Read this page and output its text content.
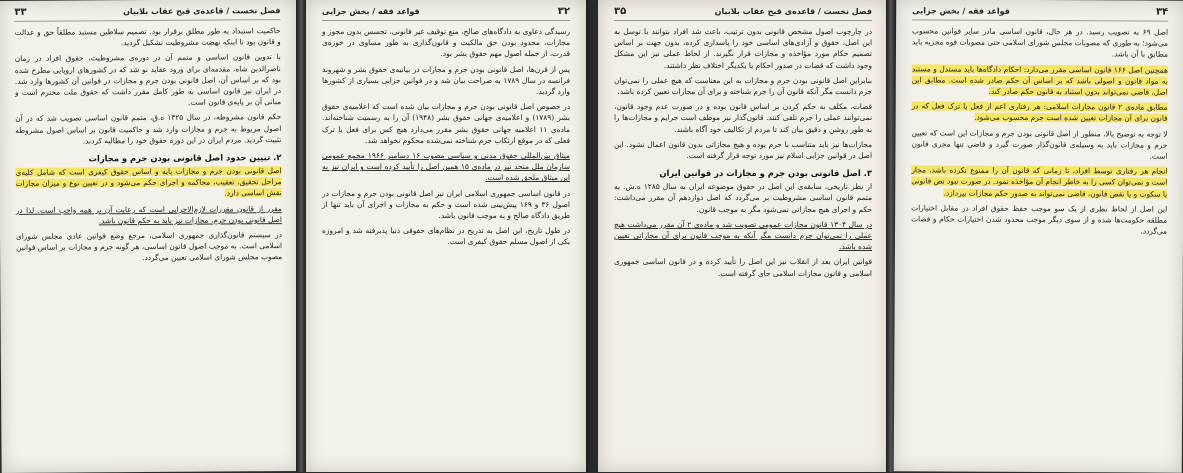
فصل نخست / قاعده‌ی قبح عقاب بلابیان
۳۳

حاکمیت استبداد به طور مطلق برقرار بود. تصمیم سلاطین مستبد مطلقاً حق و عدالت و قانون بود تا اینکه نهضت مشروطیت تشکیل گردید.

با تدوین قانون اساسی و متمم آن در دوره‌ی مشروطیت، حقوق افراد در زمان ناصرالدین شاه، مقدمه‌ای برای ورود عقاید نو شد که در کشورهای اروپایی مطرح شده بود که بر اساس آن، اصل قانونی بودن جرم و مجازات در قوانین آن کشورها وارد شد. در ایران نیز قانون اساسی به طور کامل مقرر داشت که حقوق ملت محترم است و مبانی آن بر پایه‌ی قانون است.

حکم قانون مشروطه، در سال ۱۳۲۵ ه.ق، متمم قانون اساسی تصویب شد که در آن اصول مربوط به جرم و مجازات وارد شد و حاکمیت قانون بر اساس اصول مشروطه تثبیت گردید. مردم ایران در این دوره حقوق خود را مطالبه کردند.

۲. تبیین حدود اصل قانونی بودن جرم و مجازات

اصل قانونی بودن جرم و مجازات پایه و اساس حقوق کیفری است که شامل کلیه‌ی مراحل تحقیق، تعقیب، محاکمه و اجرای حکم می‌شود و در تعیین نوع و میزان مجازات نقش اساسی دارد.

مقرر از قانون مقررات لازم‌الاجرایی است که رعایت آن بر همه واجب است. لذا در اصل قانونی بودن جرم، مجازات نیز باید به حکم قانون باشد.

در سیستم قانون‌گذاری جمهوری اسلامی، مرجع وضع قوانین عادی مجلس شورای اسلامی است. به موجب اصول قانون اساسی، هر گونه جرم و مجازات بر اساس قوانین مصوب مجلس شورای اسلامی تعیین می‌گردد.

۳۲
قواعد فقه / بخش جزایی

رسیدگی دعاوی به دادگاه‌های صالح، منع توقیف غیر قانونی، تجسس بدون مجوز و مجازات، محدود بودن حق مالکیت و قانون‌گذاری به طور مساوی در حوزه‌ی قدرت، از جمله اصول مهم حقوق بشر بود.

پس از قرن‌ها، اصل قانونی بودن جرم و مجازات در بیانیه‌ی حقوق بشر و شهروند فرانسه در سال ۱۷۸۹ به صراحت بیان شد و در قوانین جزایی بسیاری از کشورها وارد گردید.

در خصوص اصل قانونی بودن جرم و مجازات بیان شده است که اعلامیه‌ی حقوق بشر (۱۷۸۹) و اعلامیه‌ی جهانی حقوق بشر (۱۹۴۸) آن را به رسمیت شناخته‌اند. ماده‌ی ۱۱ اعلامیه جهانی حقوق بشر مقرر می‌دارد هیچ کس برای فعل یا ترک فعلی که در موقع ارتکاب جرم شناخته نمی‌شده محکوم نخواهد شد.

میثاق بین‌المللی حقوق مدنی و سیاسی مصوب ۱۶ دسامبر ۱۹۶۶ مجمع عمومی سازمان ملل متحد نیز در ماده‌ی ۱۵ همین اصل را تأیید کرده است و ایران نیز به این میثاق ملحق شده است.

در قانون اساسی جمهوری اسلامی ایران نیز اصل قانونی بودن جرم و مجازات در اصول ۳۶ و ۱۶۹ پیش‌بینی شده است و حکم به مجازات و اجرای آن باید تنها از طریق دادگاه صالح و به موجب قانون باشد.

در طول تاریخ، این اصل به تدریج در نظام‌های حقوقی دنیا پذیرفته شد و امروزه یکی از اصول مسلم حقوق کیفری است.

فصل نخست / قاعده‌ی قبح عقاب بلابیان
۳۵

در چارچوب اصول مشخص قانونی بدون ترتیب، باعث شد افراد بتوانند با توسل به این اصل، حقوق و آزادی‌های اساسی خود را پاسداری کرده، بدون جهت بر اساس تصمیم حکام مورد مؤاخذه و مجازات قرار نگیرند. از لحاظ عملی نیز این مشکل وجود داشت که قضات در صدور احکام با یکدیگر اختلاف نظر داشتند.

بنابراین اصل قانونی بودن جرم و مجازات به این معناست که هیچ عملی را نمی‌توان جرم دانست مگر آنکه قانون آن را جرم شناخته و برای آن مجازات تعیین کرده باشد.

قضات، مکلف به حکم کردن بر اساس قانون بوده و در صورت عدم وجود قانون، نمی‌توانند عملی را جرم تلقی کنند. قانون‌گذار نیز موظف است جرایم و مجازات‌ها را به طور روشن و دقیق بیان کند تا مردم از تکالیف خود آگاه باشند.

مجازات‌ها نیز باید متناسب با جرم بوده و هیچ مجازاتی بدون قانون اعمال نشود. این اصل در قوانین جزایی اسلام نیز مورد توجه قرار گرفته است.

۳. اصل قانونی بودن جرم و مجازات در قوانین ایران

از نظر تاریخی، سابقه‌ی این اصل در حقوق موضوعه ایران به سال ۱۲۸۵ ه.ش. به متمم قانون اساسی مشروطیت بر می‌گردد که اصل دوازدهم آن مقرر می‌داشت: حکم و اجرای هیچ مجازاتی نمی‌شود مگر به موجب قانون.

در سال ۱۳۰۴ قانون مجازات عمومی تصویب شد و ماده‌ی ۲ آن مقرر می‌داشت هیچ عملی را نمی‌توان جرم دانست مگر آنکه به موجب قانون برای آن مجازاتی تعیین شده باشد.

قوانین ایران بعد از انقلاب نیز این اصل را تأیید کرده و در قانون اساسی جمهوری اسلامی و قانون مجازات اسلامی جای گرفته است.

۳۴
قواعد فقه / بخش جزایی

اصل ۶۹ به تصویب رسید. در هر حال، قانون اساسی مادر سایر قوانین محسوب می‌شود؛ به طوری که مصوبات مجلس شورای اسلامی حتی مصوبات قوه مجریه باید مطابق با آن باشد.

همچنین اصل ۱۶۶ قانون اساسی مقرر می‌دارد: احکام دادگاه‌ها باید مستدل و مستند به مواد قانون و اصولی باشد که بر اساس آن حکم صادر شده است. مطابق این اصل، قاضی نمی‌تواند بدون استناد به قانون حکم صادر کند.

مطابق ماده‌ی ۲ قانون مجازات اسلامی: هر رفتاری اعم از فعل یا ترک فعل که در قانون برای آن مجازات تعیین شده است جرم محسوب می‌شود.

لا توجه به توضیح بالا، منظور از اصل قانونی بودن جرم و مجازات این است که تعیین جرم و مجازات باید به وسیله‌ی قانون‌گذار صورت گیرد و قاضی تنها مجری قانون است.

انجام هر رفتاری توسط افراد، تا زمانی که قانون آن را ممنوع نکرده باشد، مجاز است و نمی‌توان کسی را به خاطر انجام آن مؤاخذه نمود. در صورت نبود نص قانونی یا سکوت و یا نقص قانون، قاضی نمی‌تواند به صدور حکم مجازات بپردازد.

این اصل از لحاظ نظری از یک سو موجب حفظ حقوق افراد در مقابل اختیارات مطلقه حکومت‌ها شده و از سوی دیگر موجب محدود شدن اختیارات حکام و قضات می‌گردد.
